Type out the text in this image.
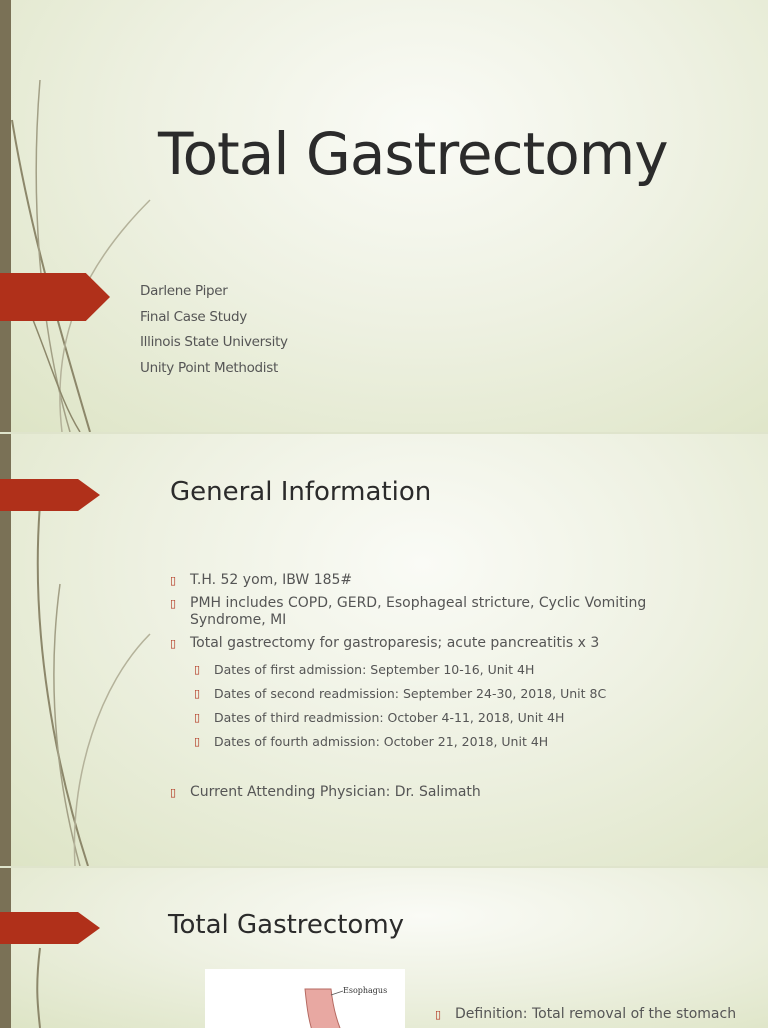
Total Gastrectomy
Darlene Piper
Final Case Study
Illinois State University
Unity Point Methodist
General Information
▯ T.H. 52 yom, IBW 185#
▯ PMH includes COPD, GERD, Esophageal stricture, Cyclic Vomiting Syndrome, MI
▯ Total gastrectomy for gastroparesis; acute pancreatitis x 3
▯ Dates of first admission: September 10-16, Unit 4H
▯ Dates of second readmission: September 24-30, 2018, Unit 8C
▯ Dates of third readmission: October 4-11, 2018, Unit 4H
▯ Dates of fourth admission: October 21, 2018, Unit 4H
▯ Current Attending Physician: Dr. Salimath
Total Gastrectomy
Esophagus
▯ Definition: Total removal of the stomach
